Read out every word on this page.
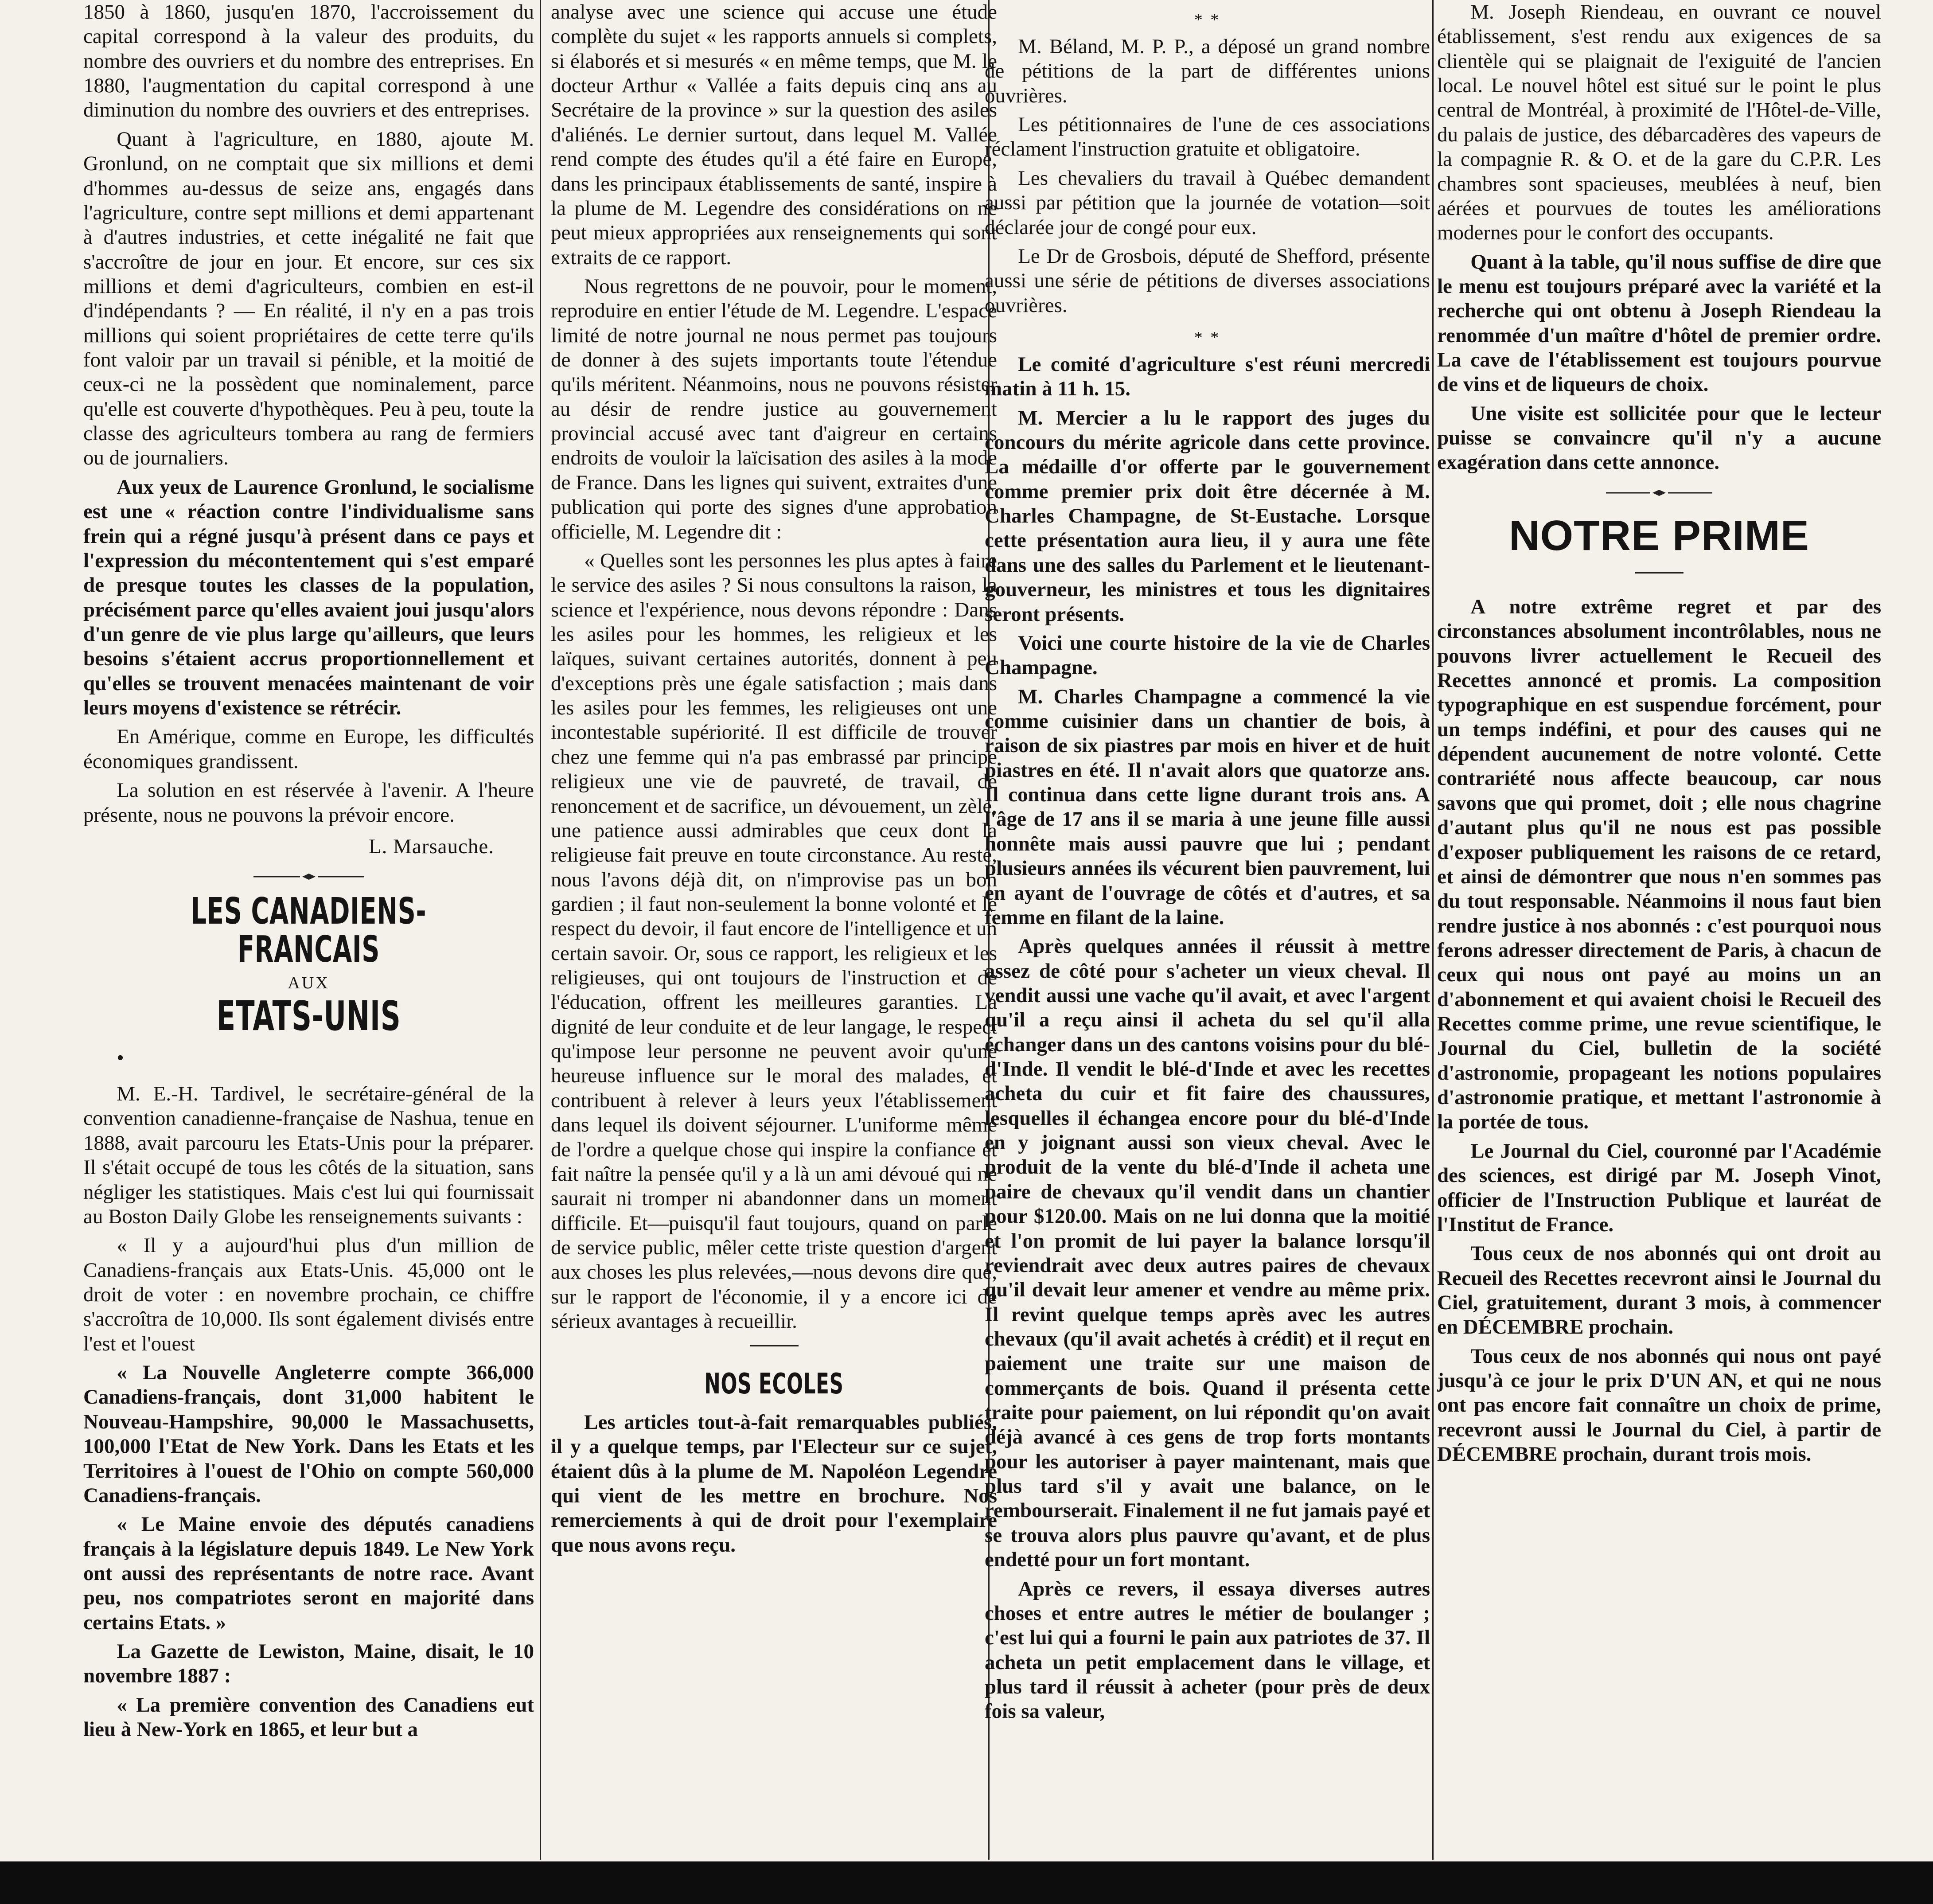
1850 à 1860, jusqu'en 1870, l'accroissement du capital correspond à la valeur des produits, du nombre des ouvriers et du nombre des entreprises. En 1880, l'augmentation du capital correspond à une diminution du nombre des ouvriers et des entreprises.

Quant à l'agriculture, en 1880, ajoute M. Gronlund, on ne comptait que six millions et demi d'hommes au-dessus de seize ans, engagés dans l'agriculture, contre sept millions et demi appartenant à d'autres industries, et cette inégalité ne fait que s'accroître de jour en jour. Et encore, sur ces six millions et demi d'agriculteurs, combien en est-il d'indépendants ? — En réalité, il n'y en a pas trois millions qui soient propriétaires de cette terre qu'ils font valoir par un travail si pénible, et la moitié de ceux-ci ne la possèdent que nominalement, parce qu'elle est couverte d'hypothèques. Peu à peu, toute la classe des agriculteurs tombera au rang de fermiers ou de journaliers.

Aux yeux de Laurence Gronlund, le socialisme est une « réaction contre l'individualisme sans frein qui a régné jusqu'à présent dans ce pays et l'expression du mécontentement qui s'est emparé de presque toutes les classes de la population, précisément parce qu'elles avaient joui jusqu'alors d'un genre de vie plus large qu'ailleurs, que leurs besoins s'étaient accrus proportionnellement et qu'elles se trouvent menacées maintenant de voir leurs moyens d'existence se rétrécir.

En Amérique, comme en Europe, les difficultés économiques grandissent.

La solution en est réservée à l'avenir. A l'heure présente, nous ne pouvons la prévoir encore.

L. Marsauche.

LES CANADIENS-FRANCAIS

AUX

ETATS-UNIS

•

M. E.-H. Tardivel, le secrétaire-général de la convention canadienne-française de Nashua, tenue en 1888, avait parcouru les Etats-Unis pour la préparer. Il s'était occupé de tous les côtés de la situation, sans négliger les statistiques. Mais c'est lui qui fournissait au Boston Daily Globe les renseignements suivants :

« Il y a aujourd'hui plus d'un million de Canadiens-français aux Etats-Unis. 45,000 ont le droit de voter : en novembre prochain, ce chiffre s'accroîtra de 10,000. Ils sont également divisés entre l'est et l'ouest

« La Nouvelle Angleterre compte 366,000 Canadiens-français, dont 31,000 habitent le Nouveau-Hampshire, 90,000 le Massachusetts, 100,000 l'Etat de New York. Dans les Etats et les Territoires à l'ouest de l'Ohio on compte 560,000 Canadiens-français.

« Le Maine envoie des députés canadiens français à la législature depuis 1849. Le New York ont aussi des représentants de notre race. Avant peu, nos compatriotes seront en majorité dans certains Etats. »

La Gazette de Lewiston, Maine, disait, le 10 novembre 1887 :

« La première convention des Canadiens eut lieu à New-York en 1865, et leur but a

analyse avec une science qui accuse une étude complète du sujet « les rapports annuels si complets, si élaborés et si mesurés « en même temps, que M. le docteur Arthur « Vallée a faits depuis cinq ans au Secrétaire de la province » sur la question des asiles d'aliénés. Le dernier surtout, dans lequel M. Vallée rend compte des études qu'il a été faire en Europe, dans les principaux établissements de santé, inspire à la plume de M. Legendre des considérations on ne peut mieux appropriées aux renseignements qui sont extraits de ce rapport.

Nous regrettons de ne pouvoir, pour le moment, reproduire en entier l'étude de M. Legendre. L'espace limité de notre journal ne nous permet pas toujours de donner à des sujets importants toute l'étendue qu'ils méritent. Néanmoins, nous ne pouvons résister au désir de rendre justice au gouvernement provincial accusé avec tant d'aigreur en certains endroits de vouloir la laïcisation des asiles à la mode de France. Dans les lignes qui suivent, extraites d'une publication qui porte des signes d'une approbation officielle, M. Legendre dit :

« Quelles sont les personnes les plus aptes à faire le service des asiles ? Si nous consultons la raison, la science et l'expérience, nous devons répondre : Dans les asiles pour les hommes, les religieux et les laïques, suivant certaines autorités, donnent à peu d'exceptions près une égale satisfaction ; mais dans les asiles pour les femmes, les religieuses ont une incontestable supériorité. Il est difficile de trouver chez une femme qui n'a pas embrassé par principe religieux une vie de pauvreté, de travail, de renoncement et de sacrifice, un dévouement, un zèle, une patience aussi admirables que ceux dont la religieuse fait preuve en toute circonstance. Au reste, nous l'avons déjà dit, on n'improvise pas un bon gardien ; il faut non-seulement la bonne volonté et le respect du devoir, il faut encore de l'intelligence et un certain savoir. Or, sous ce rapport, les religieux et les religieuses, qui ont toujours de l'instruction et de l'éducation, offrent les meilleures garanties. La dignité de leur conduite et de leur langage, le respect qu'impose leur personne ne peuvent avoir qu'une heureuse influence sur le moral des malades, et contribuent à relever à leurs yeux l'établissement dans lequel ils doivent séjourner. L'uniforme même de l'ordre a quelque chose qui inspire la confiance et fait naître la pensée qu'il y a là un ami dévoué qui ne saurait ni tromper ni abandonner dans un moment difficile. Et—puisqu'il faut toujours, quand on parle de service public, mêler cette triste question d'argent aux choses les plus relevées,—nous devons dire que, sur le rapport de l'économie, il y a encore ici de sérieux avantages à recueillir.

NOS ECOLES

Les articles tout-à-fait remarquables publiés, il y a quelque temps, par l'Electeur sur ce sujet, étaient dûs à la plume de M. Napoléon Legendre qui vient de les mettre en brochure. Nos remerciements à qui de droit pour l'exemplaire que nous avons reçu.

* *

M. Béland, M. P. P., a déposé un grand nombre de pétitions de la part de différentes unions ouvrières.

Les pétitionnaires de l'une de ces associations réclament l'instruction gratuite et obligatoire.

Les chevaliers du travail à Québec demandent aussi par pétition que la journée de votation—soit déclarée jour de congé pour eux.

Le Dr de Grosbois, député de Shefford, présente aussi une série de pétitions de diverses associations ouvrières.

* *

Le comité d'agriculture s'est réuni mercredi matin à 11 h. 15.

M. Mercier a lu le rapport des juges du concours du mérite agricole dans cette province. La médaille d'or offerte par le gouvernement comme premier prix doit être décernée à M. Charles Champagne, de St-Eustache. Lorsque cette présentation aura lieu, il y aura une fête dans une des salles du Parlement et le lieutenant-gouverneur, les ministres et tous les dignitaires seront présents.

Voici une courte histoire de la vie de Charles Champagne.

M. Charles Champagne a commencé la vie comme cuisinier dans un chantier de bois, à raison de six piastres par mois en hiver et de huit piastres en été. Il n'avait alors que quatorze ans. Il continua dans cette ligne durant trois ans. A l'âge de 17 ans il se maria à une jeune fille aussi honnête mais aussi pauvre que lui ; pendant plusieurs années ils vécurent bien pauvrement, lui en ayant de l'ouvrage de côtés et d'autres, et sa femme en filant de la laine.

Après quelques années il réussit à mettre assez de côté pour s'acheter un vieux cheval. Il vendit aussi une vache qu'il avait, et avec l'argent qu'il a reçu ainsi il acheta du sel qu'il alla échanger dans un des cantons voisins pour du blé-d'Inde. Il vendit le blé-d'Inde et avec les recettes acheta du cuir et fit faire des chaussures, lesquelles il échangea encore pour du blé-d'Inde en y joignant aussi son vieux cheval. Avec le produit de la vente du blé-d'Inde il acheta une paire de chevaux qu'il vendit dans un chantier pour $120.00. Mais on ne lui donna que la moitié et l'on promit de lui payer la balance lorsqu'il reviendrait avec deux autres paires de chevaux qu'il devait leur amener et vendre au même prix. Il revint quelque temps après avec les autres chevaux (qu'il avait achetés à crédit) et il reçut en paiement une traite sur une maison de commerçants de bois. Quand il présenta cette traite pour paiement, on lui répondit qu'on avait déjà avancé à ces gens de trop forts montants pour les autoriser à payer maintenant, mais que plus tard s'il y avait une balance, on le rembourserait. Finalement il ne fut jamais payé et se trouva alors plus pauvre qu'avant, et de plus endetté pour un fort montant.

Après ce revers, il essaya diverses autres choses et entre autres le métier de boulanger ; c'est lui qui a fourni le pain aux patriotes de 37. Il acheta un petit emplacement dans le village, et plus tard il réussit à acheter (pour près de deux fois sa valeur,

M. Joseph Riendeau, en ouvrant ce nouvel établissement, s'est rendu aux exigences de sa clientèle qui se plaignait de l'exiguité de l'ancien local. Le nouvel hôtel est situé sur le point le plus central de Montréal, à proximité de l'Hôtel-de-Ville, du palais de justice, des débarcadères des vapeurs de la compagnie R. & O. et de la gare du C.P.R. Les chambres sont spacieuses, meublées à neuf, bien aérées et pourvues de toutes les améliorations modernes pour le confort des occupants.

Quant à la table, qu'il nous suffise de dire que le menu est toujours préparé avec la variété et la recherche qui ont obtenu à Joseph Riendeau la renommée d'un maître d'hôtel de premier ordre. La cave de l'établissement est toujours pourvue de vins et de liqueurs de choix.

Une visite est sollicitée pour que le lecteur puisse se convaincre qu'il n'y a aucune exagération dans cette annonce.

NOTRE PRIME

A notre extrême regret et par des circonstances absolument incontrôlables, nous ne pouvons livrer actuellement le Recueil des Recettes annoncé et promis. La composition typographique en est suspendue forcément, pour un temps indéfini, et pour des causes qui ne dépendent aucunement de notre volonté. Cette contrariété nous affecte beaucoup, car nous savons que qui promet, doit ; elle nous chagrine d'autant plus qu'il ne nous est pas possible d'exposer publiquement les raisons de ce retard, et ainsi de démontrer que nous n'en sommes pas du tout responsable. Néanmoins il nous faut bien rendre justice à nos abonnés : c'est pourquoi nous ferons adresser directement de Paris, à chacun de ceux qui nous ont payé au moins un an d'abonnement et qui avaient choisi le Recueil des Recettes comme prime, une revue scientifique, le Journal du Ciel, bulletin de la société d'astronomie, propageant les notions populaires d'astronomie pratique, et mettant l'astronomie à la portée de tous.

Le Journal du Ciel, couronné par l'Académie des sciences, est dirigé par M. Joseph Vinot, officier de l'Instruction Publique et lauréat de l'Institut de France.

Tous ceux de nos abonnés qui ont droit au Recueil des Recettes recevront ainsi le Journal du Ciel, gratuitement, durant 3 mois, à commencer en DÉCEMBRE prochain.

Tous ceux de nos abonnés qui nous ont payé jusqu'à ce jour le prix D'UN AN, et qui ne nous ont pas encore fait connaître un choix de prime, recevront aussi le Journal du Ciel, à partir de DÉCEMBRE prochain, durant trois mois.
